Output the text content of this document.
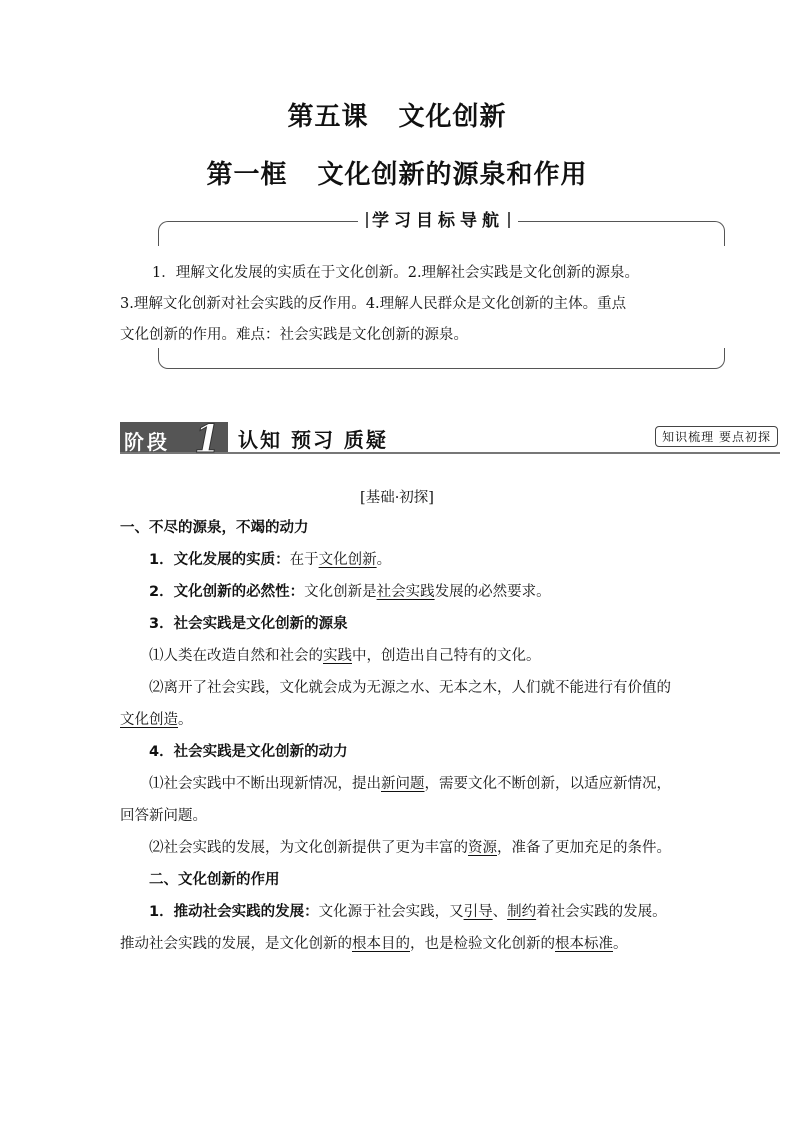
第五课 文化创新
第一框 文化创新的源泉和作用
学习目标导航
1．理解文化发展的实质在于文化创新。2.理解社会实践是文化创新的源泉。
3.理解文化创新对社会实践的反作用。4.理解人民群众是文化创新的主体。重点
文化创新的作用。难点：社会实践是文化创新的源泉。
阶段 1 认知 预习 质疑	知识梳理 要点初探
[基础·初探]

一、不尽的源泉，不竭的动力

1．文化发展的实质：在于文化创新。

2．文化创新的必然性：文化创新是社会实践发展的必然要求。

3．社会实践是文化创新的源泉

⑴人类在改造自然和社会的实践中，创造出自己特有的文化。

⑵离开了社会实践，文化就会成为无源之水、无本之木，人们就不能进行有价值的文化创造。

4．社会实践是文化创新的动力

⑴社会实践中不断出现新情况，提出新问题，需要文化不断创新，以适应新情况，回答新问题。

⑵社会实践的发展，为文化创新提供了更为丰富的资源，准备了更加充足的条件。

二、文化创新的作用

1．推动社会实践的发展：文化源于社会实践，又引导、制约着社会实践的发展。推动社会实践的发展，是文化创新的根本目的，也是检验文化创新的根本标准。
